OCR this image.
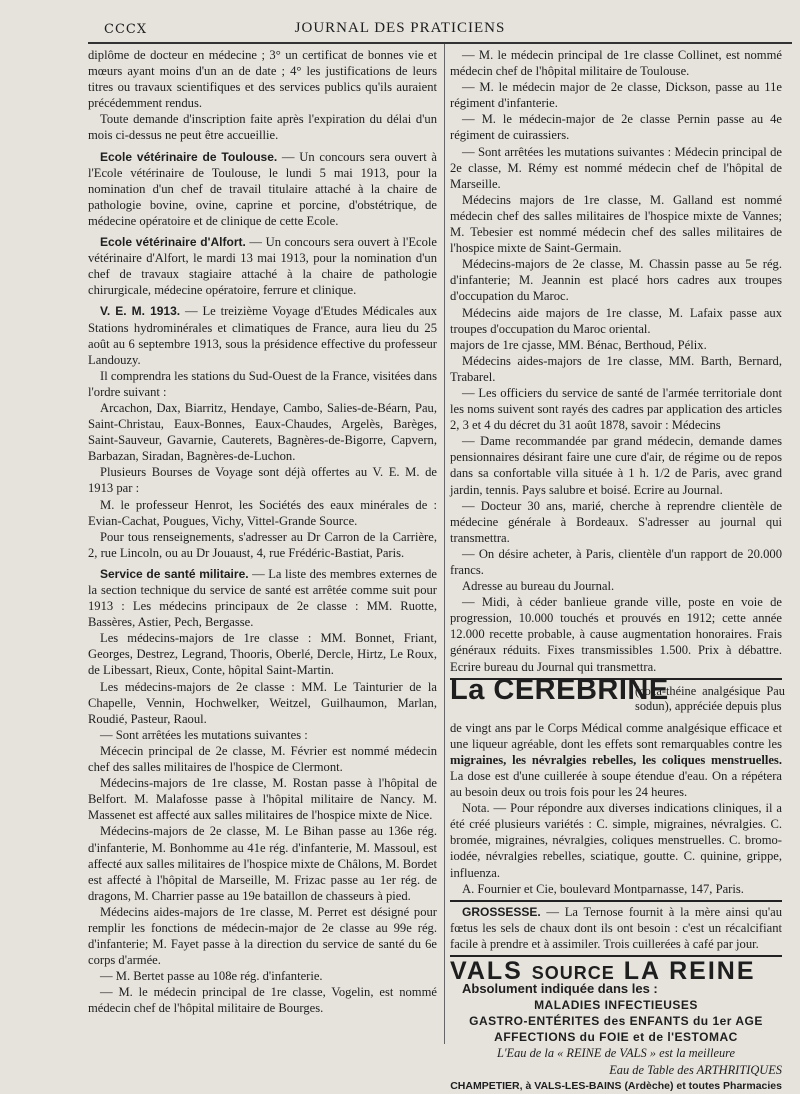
CCCX	JOURNAL DES PRATICIENS

diplôme de docteur en médecine ; 3° un certificat de bonnes vie et mœurs ayant moins d'un an de date ; 4° les justifications de leurs titres ou travaux scientifiques et des services publics qu'ils auraient précédemment rendus.

Toute demande d'inscription faite après l'expiration du délai d'un mois ci-dessus ne peut être accueillie.

Ecole vétérinaire de Toulouse. — Un concours sera ouvert à l'Ecole vétérinaire de Toulouse, le lundi 5 mai 1913, pour la nomination d'un chef de travail titulaire attaché à la chaire de pathologie bovine, ovine, caprine et porcine, d'obstétrique, de médecine opératoire et de clinique de cette Ecole.

Ecole vétérinaire d'Alfort. — Un concours sera ouvert à l'Ecole vétérinaire d'Alfort, le mardi 13 mai 1913, pour la nomination d'un chef de travaux stagiaire attaché à la chaire de pathologie chirurgicale, médecine opératoire, ferrure et clinique.

V. E. M. 1913. — Le treizième Voyage d'Etudes Médicales aux Stations hydrominérales et climatiques de France, aura lieu du 25 août au 6 septembre 1913, sous la présidence effective du professeur Landouzy.

Il comprendra les stations du Sud-Ouest de la France, visitées dans l'ordre suivant :

Arcachon, Dax, Biarritz, Hendaye, Cambo, Salies-de-Béarn, Pau, Saint-Christau, Eaux-Bonnes, Eaux-Chaudes, Argelès, Barèges, Saint-Sauveur, Gavarnie, Cauterets, Bagnères-de-Bigorre, Capvern, Barbazan, Siradan, Bagnères-de-Luchon.

Plusieurs Bourses de Voyage sont déjà offertes au V. E. M. de 1913 par :

M. le professeur Henrot, les Sociétés des eaux minérales de : Evian-Cachat, Pougues, Vichy, Vittel-Grande Source.

Pour tous renseignements, s'adresser au Dr Carron de la Carrière, 2, rue Lincoln, ou au Dr Jouaust, 4, rue Frédéric-Bastiat, Paris.

Service de santé militaire. — La liste des membres externes de la section technique du service de santé est arrêtée comme suit pour 1913 : Les médecins principaux de 2e classe : MM. Ruotte, Bassères, Astier, Pech, Bergasse.

Les médecins-majors de 1re classe : MM. Bonnet, Friant, Georges, Destrez, Legrand, Thooris, Oberlé, Dercle, Hirtz, Le Roux, de Libessart, Rieux, Conte, hôpital Saint-Martin.

Les médecins-majors de 2e classe : MM. Le Tainturier de la Chapelle, Vennin, Hochwelker, Weitzel, Guilhaumon, Marlan, Roudié, Pasteur, Raoul.

— Sont arrêtées les mutations suivantes :

Mécecin principal de 2e classe, M. Février est nommé médecin chef des salles militaires de l'hospice de Clermont.

Médecins-majors de 1re classe, M. Rostan passe à l'hôpital de Belfort. M. Malafosse passe à l'hôpital militaire de Nancy. M. Massenet est affecté aux salles militaires de l'hospice mixte de Nice.

Médecins-majors de 2e classe, M. Le Bihan passe au 136e rég. d'infanterie, M. Bonhomme au 41e rég. d'infanterie, M. Massoul, est affecté aux salles militaires de l'hospice mixte de Châlons, M. Bordet est affecté à l'hôpital de Marseille, M. Frizac passe au 1er rég. de dragons, M. Charrier passe au 19e bataillon de chasseurs à pied.

Médecins aides-majors de 1re classe, M. Perret est désigné pour remplir les fonctions de médecin-major de 2e classe au 99e rég. d'infanterie; M. Fayet passe à la direction du service de santé du 6e corps d'armée.

— M. Bertet passe au 108e rég. d'infanterie.

— M. le médecin principal de 1re classe, Vogelin, est nommé médecin chef de l'hôpital militaire de Bourges.

— M. le médecin principal de 1re classe Collinet, est nommé médecin chef de l'hôpital militaire de Toulouse.

— M. le médecin major de 2e classe, Dickson, passe au 11e régiment d'infanterie.

— M. le médecin-major de 2e classe Pernin passe au 4e régiment de cuirassiers.

— Sont arrêtées les mutations suivantes : Médecin principal de 2e classe, M. Rémy est nommé médecin chef de l'hôpital de Marseille.

Médecins majors de 1re classe, M. Galland est nommé médecin chef des salles militaires de l'hospice mixte de Vannes; M. Tebesier est nommé médecin chef des salles militaires de l'hospice mixte de Saint-Germain.

Médecins-majors de 2e classe, M. Chassin passe au 5e rég. d'infanterie; M. Jeannin est placé hors cadres aux troupes d'occupation du Maroc.

Médecins aide majors de 1re classe, M. Lafaix passe aux troupes d'occupation du Maroc oriental.

majors de 1re cjasse, MM. Bénac, Berthoud, Pélix.

Médecins aides-majors de 1re classe, MM. Barth, Bernard, Trabarel.

— Les officiers du service de santé de l'armée territoriale dont les noms suivent sont rayés des cadres par application des articles 2, 3 et 4 du décret du 31 août 1878, savoir : Médecins

— Dame recommandée par grand médecin, demande dames pensionnaires désirant faire une cure d'air, de régime ou de repos dans sa confortable villa située à 1 h. 1/2 de Paris, avec grand jardin, tennis. Pays salubre et boisé. Ecrire au Journal.

— Docteur 30 ans, marié, cherche à reprendre clientèle de médecine générale à Bordeaux. S'adresser au journal qui transmettra.

— On désire acheter, à Paris, clientèle d'un rapport de 20.000 francs.

Adresse au bureau du Journal.

— Midi, à céder banlieue grande ville, poste en voie de progression, 10.000 touchés et prouvés en 1912; cette année 12.000 recette probable, à cause augmentation honoraires. Frais généraux réduits. Fixes transmissibles 1.500. Prix à débattre. Ecrire bureau du Journal qui transmettra.

La CEREBRINE
(coca-théine analgésique Pau sodun), appréciée depuis plus

de vingt ans par le Corps Médical comme analgésique efficace et une liqueur agréable, dont les effets sont remarquables contre les migraines, les névralgies rebelles, les coliques menstruelles. La dose est d'une cuillerée à soupe étendue d'eau. On a répétera au besoin deux ou trois fois pour les 24 heures.

Nota. — Pour répondre aux diverses indications cliniques, il a été créé plusieurs variétés : C. simple, migraines, névralgies. C. bromée, migraines, névralgies, coliques menstruelles. C. bromo-iodée, névralgies rebelles, sciatique, goutte. C. quinine, grippe, influenza.

A. Fournier et Cie, boulevard Montparnasse, 147, Paris.

GROSSESSE. — La Ternose fournit à la mère ainsi qu'au fœtus les sels de chaux dont ils ont besoin : c'est un récalcifiant facile à prendre et à assimiler. Trois cuillerées à café par jour.

VALS SOURCE LA REINE
Absolument indiquée dans les :
MALADIES INFECTIEUSES
GASTRO-ENTÉRITES des ENFANTS du 1er AGE
AFFECTIONS du FOIE et de l'ESTOMAC
L'Eau de la « REINE de VALS » est la meilleure
Eau de Table des ARTHRITIQUES
CHAMPETIER, à VALS-LES-BAINS (Ardèche) et toutes Pharmacies
